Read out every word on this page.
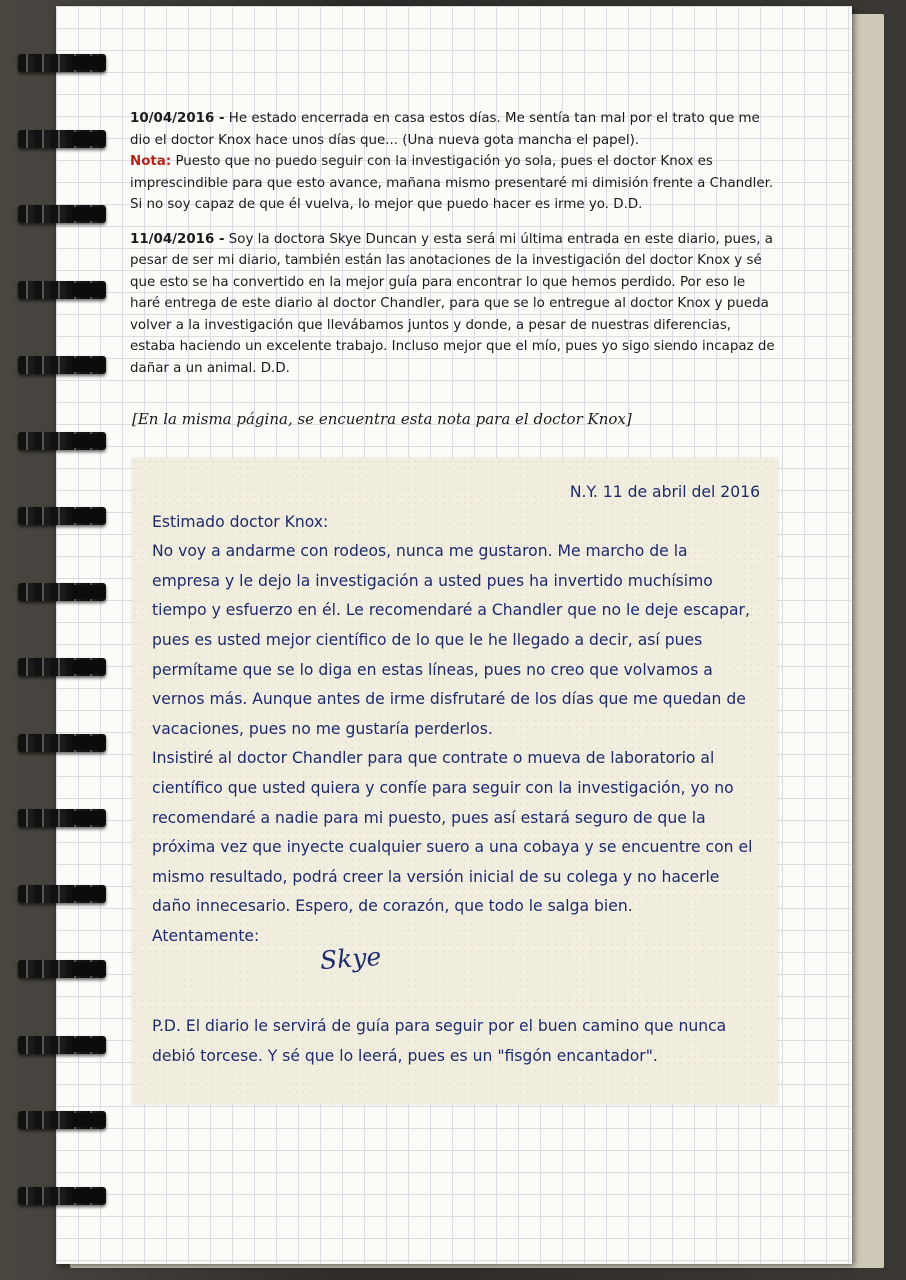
10/04/2016 - He estado encerrada en casa estos días. Me sentía tan mal por el trato que me dio el doctor Knox hace unos días que... (Una nueva gota mancha el papel).
Nota: Puesto que no puedo seguir con la investigación yo sola, pues el doctor Knox es imprescindible para que esto avance, mañana mismo presentaré mi dimisión frente a Chandler. Si no soy capaz de que él vuelva, lo mejor que puedo hacer es irme yo. D.D.
11/04/2016 - Soy la doctora Skye Duncan y esta será mi última entrada en este diario, pues, a pesar de ser mi diario, también están las anotaciones de la investigación del doctor Knox y sé que esto se ha convertido en la mejor guía para encontrar lo que hemos perdido. Por eso le haré entrega de este diario al doctor Chandler, para que se lo entregue al doctor Knox y pueda volver a la investigación que llevábamos juntos y donde, a pesar de nuestras diferencias, estaba haciendo un excelente trabajo. Incluso mejor que el mío, pues yo sigo siendo incapaz de dañar a un animal. D.D.
[En la misma página, se encuentra esta nota para el doctor Knox]
N.Y. 11 de abril del 2016
Estimado doctor Knox:

No voy a andarme con rodeos, nunca me gustaron. Me marcho de la empresa y le dejo la investigación a usted pues ha invertido muchísimo tiempo y esfuerzo en él. Le recomendaré a Chandler que no le deje escapar, pues es usted mejor científico de lo que le he llegado a decir, así pues permítame que se lo diga en estas líneas, pues no creo que volvamos a vernos más. Aunque antes de irme disfrutaré de los días que me quedan de vacaciones, pues no me gustaría perderlos.

Insistiré al doctor Chandler para que contrate o mueva de laboratorio al científico que usted quiera y confíe para seguir con la investigación, yo no recomendaré a nadie para mi puesto, pues así estará seguro de que la próxima vez que inyecte cualquier suero a una cobaya y se encuentre con el mismo resultado, podrá creer la versión inicial de su colega y no hacerle daño innecesario. Espero, de corazón, que todo le salga bien.

Atentamente:
Skye
P.D. El diario le servirá de guía para seguir por el buen camino que nunca debió torcese. Y sé que lo leerá, pues es un "fisgón encantador".
